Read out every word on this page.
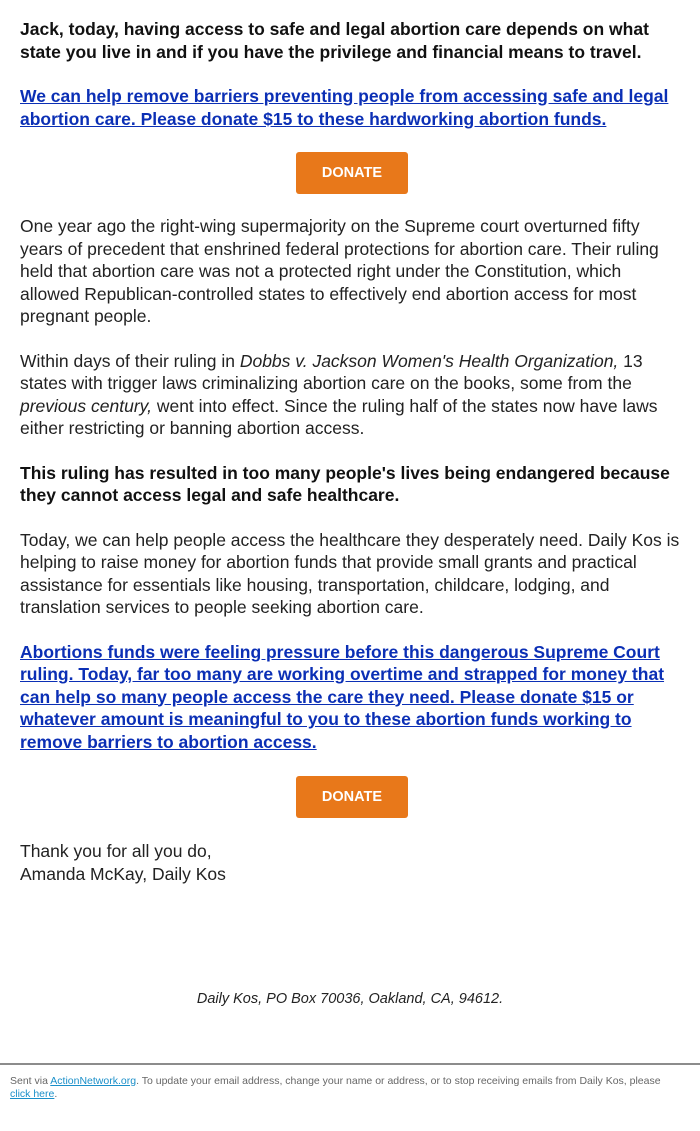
Jack, today, having access to safe and legal abortion care depends on what state you live in and if you have the privilege and financial means to travel.

We can help remove barriers preventing people from accessing safe and legal abortion care. Please donate $15 to these hardworking abortion funds.

DONATE

One year ago the right-wing supermajority on the Supreme court overturned fifty years of precedent that enshrined federal protections for abortion care. Their ruling held that abortion care was not a protected right under the Constitution, which allowed Republican-controlled states to effectively end abortion access for most pregnant people.

Within days of their ruling in Dobbs v. Jackson Women's Health Organization, 13 states with trigger laws criminalizing abortion care on the books, some from the previous century, went into effect. Since the ruling half of the states now have laws either restricting or banning abortion access.

This ruling has resulted in too many people's lives being endangered because they cannot access legal and safe healthcare.

Today, we can help people access the healthcare they desperately need. Daily Kos is helping to raise money for abortion funds that provide small grants and practical assistance for essentials like housing, transportation, childcare, lodging, and translation services to people seeking abortion care.

Abortions funds were feeling pressure before this dangerous Supreme Court ruling. Today, far too many are working overtime and strapped for money that can help so many people access the care they need. Please donate $15 or whatever amount is meaningful to you to these abortion funds working to remove barriers to abortion access.

DONATE

Thank you for all you do,
Amanda McKay, Daily Kos

Daily Kos, PO Box 70036, Oakland, CA, 94612.
Sent via ActionNetwork.org. To update your email address, change your name or address, or to stop receiving emails from Daily Kos, please click here.
